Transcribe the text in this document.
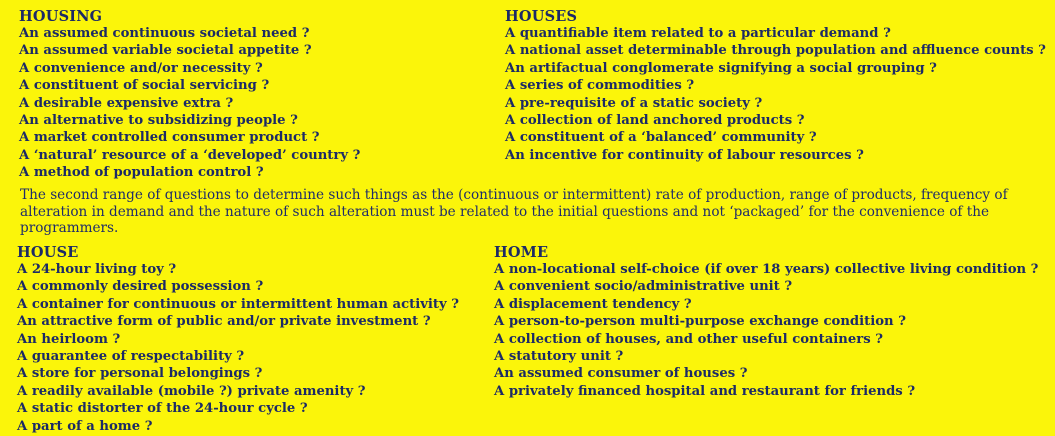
HOUSING
An assumed continuous societal need ?
An assumed variable societal appetite ?
A convenience and/or necessity ?
A constituent of social servicing ?
A desirable expensive extra ?
An alternative to subsidizing people ?
A market controlled consumer product ?
A ‘natural’ resource of a ‘developed’ country ?
A method of population control ?
HOUSES
A quantifiable item related to a particular demand ?
A national asset determinable through population and affluence counts ?
An artifactual conglomerate signifying a social grouping ?
A series of commodities ?
A pre-requisite of a static society ?
A collection of land anchored products ?
A constituent of a ‘balanced’ community ?
An incentive for continuity of labour resources ?
The second range of questions to determine such things as the (continuous or intermittent) rate of production, range of products, frequency of alteration in demand and the nature of such alteration must be related to the initial questions and not ‘packaged’ for the convenience of the programmers.
HOUSE
A 24-hour living toy ?
A commonly desired possession ?
A container for continuous or intermittent human activity ?
An attractive form of public and/or private investment ?
An heirloom ?
A guarantee of respectability ?
A store for personal belongings ?
A readily available (mobile ?) private amenity ?
A static distorter of the 24-hour cycle ?
A part of a home ?
HOME
A non-locational self-choice (if over 18 years) collective living condition ?
A convenient socio/administrative unit ?
A displacement tendency ?
A person-to-person multi-purpose exchange condition ?
A collection of houses, and other useful containers ?
A statutory unit ?
An assumed consumer of houses ?
A privately financed hospital and restaurant for friends ?
